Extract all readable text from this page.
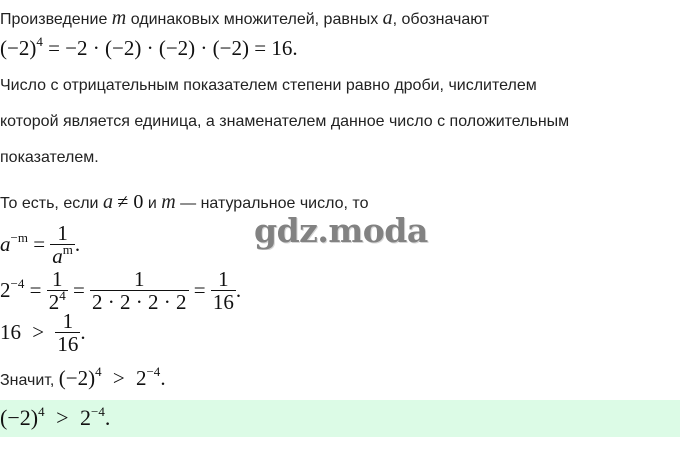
Произведение m одинаковых множителей, равных a, обозначают
$(-2)^4 = -2 \cdot (-2) \cdot (-2) \cdot (-2) = 16$.
Число с отрицательным показателем степени равно дроби, числителем
которой является единица, а знаменателем данное число с положительным
показателем.
То есть, если a ≠ 0 и m — натуральное число, то
$a^{-m} = \frac{1}{a^m}$ .
$2^{-4} = \frac{1}{2^4} = \frac{1}{2 \cdot 2 \cdot 2 \cdot 2} = \frac{1}{16}$ .
$16 > \frac{1}{16}$ .
Значит, $(-2)^4 > 2^{-4}$.
$(-2)^4 > 2^{-4}$.
gdz.moda
